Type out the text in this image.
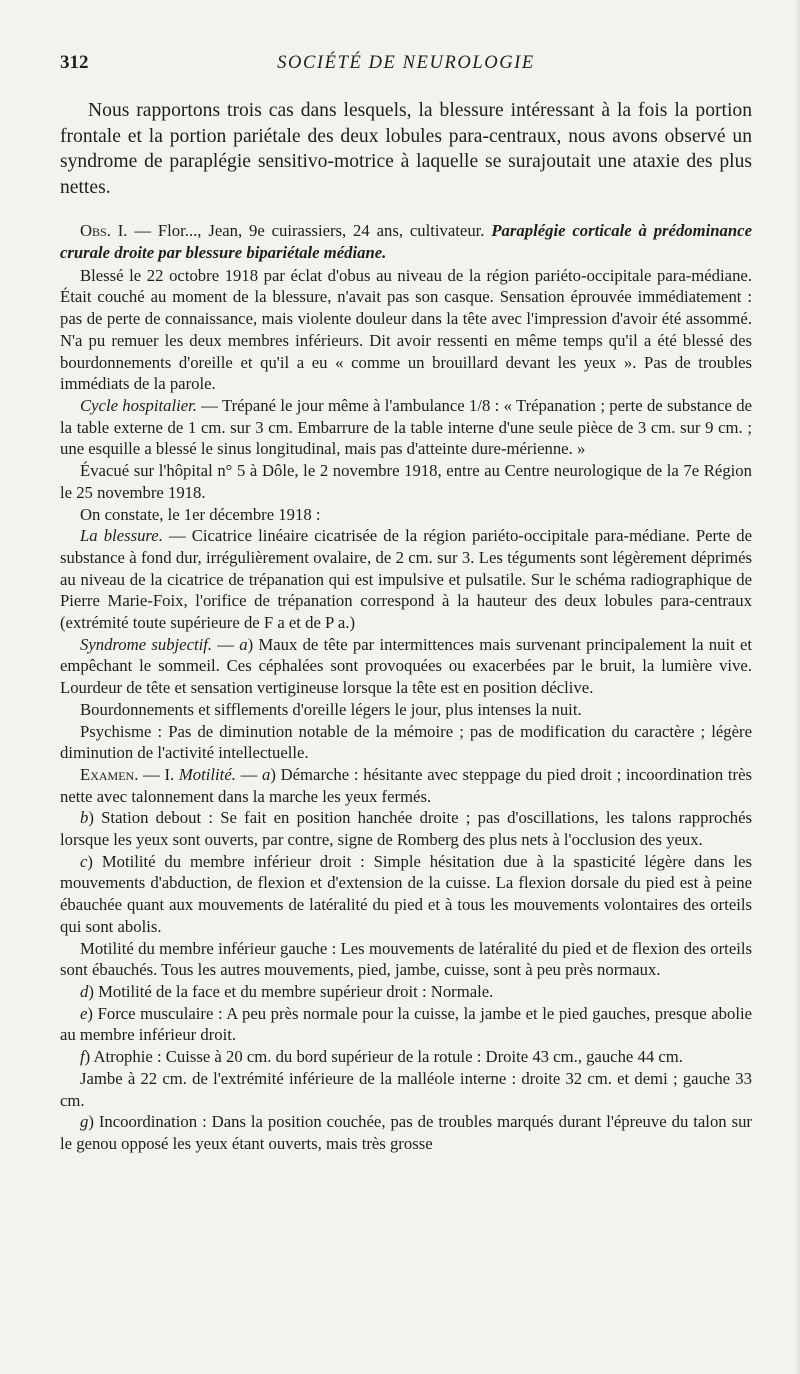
312	SOCIÉTÉ DE NEUROLOGIE

Nous rapportons trois cas dans lesquels, la blessure intéressant à la fois la portion frontale et la portion pariétale des deux lobules para-centraux, nous avons observé un syndrome de paraplégie sensitivo-motrice à laquelle se surajoutait une ataxie des plus nettes.

Obs. I. — Flor..., Jean, 9e cuirassiers, 24 ans, cultivateur. Paraplégie corticale à prédominance crurale droite par blessure bipariétale médiane.

Blessé le 22 octobre 1918 par éclat d'obus au niveau de la région pariéto-occipitale para-médiane. Était couché au moment de la blessure, n'avait pas son casque. Sensation éprouvée immédiatement : pas de perte de connaissance, mais violente douleur dans la tête avec l'impression d'avoir été assommé. N'a pu remuer les deux membres inférieurs. Dit avoir ressenti en même temps qu'il a été blessé des bourdonnements d'oreille et qu'il a eu « comme un brouillard devant les yeux ». Pas de troubles immédiats de la parole.

Cycle hospitalier. — Trépané le jour même à l'ambulance 1/8 : « Trépanation ; perte de substance de la table externe de 1 cm. sur 3 cm. Embarrure de la table interne d'une seule pièce de 3 cm. sur 9 cm. ; une esquille a blessé le sinus longitudinal, mais pas d'atteinte dure-mérienne. »

Évacué sur l'hôpital n° 5 à Dôle, le 2 novembre 1918, entre au Centre neurologique de la 7e Région le 25 novembre 1918.

On constate, le 1er décembre 1918 :

La blessure. — Cicatrice linéaire cicatrisée de la région pariéto-occipitale para-médiane. Perte de substance à fond dur, irrégulièrement ovalaire, de 2 cm. sur 3. Les téguments sont légèrement déprimés au niveau de la cicatrice de trépanation qui est impulsive et pulsatile. Sur le schéma radiographique de Pierre Marie-Foix, l'orifice de trépanation correspond à la hauteur des deux lobules para-centraux (extrémité toute supérieure de F a et de P a.)

Syndrome subjectif. — a) Maux de tête par intermittences mais survenant principalement la nuit et empêchant le sommeil. Ces céphalées sont provoquées ou exacerbées par le bruit, la lumière vive. Lourdeur de tête et sensation vertigineuse lorsque la tête est en position déclive.

Bourdonnements et sifflements d'oreille légers le jour, plus intenses la nuit.

Psychisme : Pas de diminution notable de la mémoire ; pas de modification du caractère ; légère diminution de l'activité intellectuelle.

Examen. — I. Motilité. — a) Démarche : hésitante avec steppage du pied droit ; incoordination très nette avec talonnement dans la marche les yeux fermés.

b) Station debout : Se fait en position hanchée droite ; pas d'oscillations, les talons rapprochés lorsque les yeux sont ouverts, par contre, signe de Romberg des plus nets à l'occlusion des yeux.

c) Motilité du membre inférieur droit : Simple hésitation due à la spasticité légère dans les mouvements d'abduction, de flexion et d'extension de la cuisse. La flexion dorsale du pied est à peine ébauchée quant aux mouvements de latéralité du pied et à tous les mouvements volontaires des orteils qui sont abolis.

Motilité du membre inférieur gauche : Les mouvements de latéralité du pied et de flexion des orteils sont ébauchés. Tous les autres mouvements, pied, jambe, cuisse, sont à peu près normaux.

d) Motilité de la face et du membre supérieur droit : Normale.

e) Force musculaire : A peu près normale pour la cuisse, la jambe et le pied gauches, presque abolie au membre inférieur droit.

f) Atrophie : Cuisse à 20 cm. du bord supérieur de la rotule : Droite 43 cm., gauche 44 cm.

Jambe à 22 cm. de l'extrémité inférieure de la malléole interne : droite 32 cm. et demi ; gauche 33 cm.

g) Incoordination : Dans la position couchée, pas de troubles marqués durant l'épreuve du talon sur le genou opposé les yeux étant ouverts, mais très grosse
